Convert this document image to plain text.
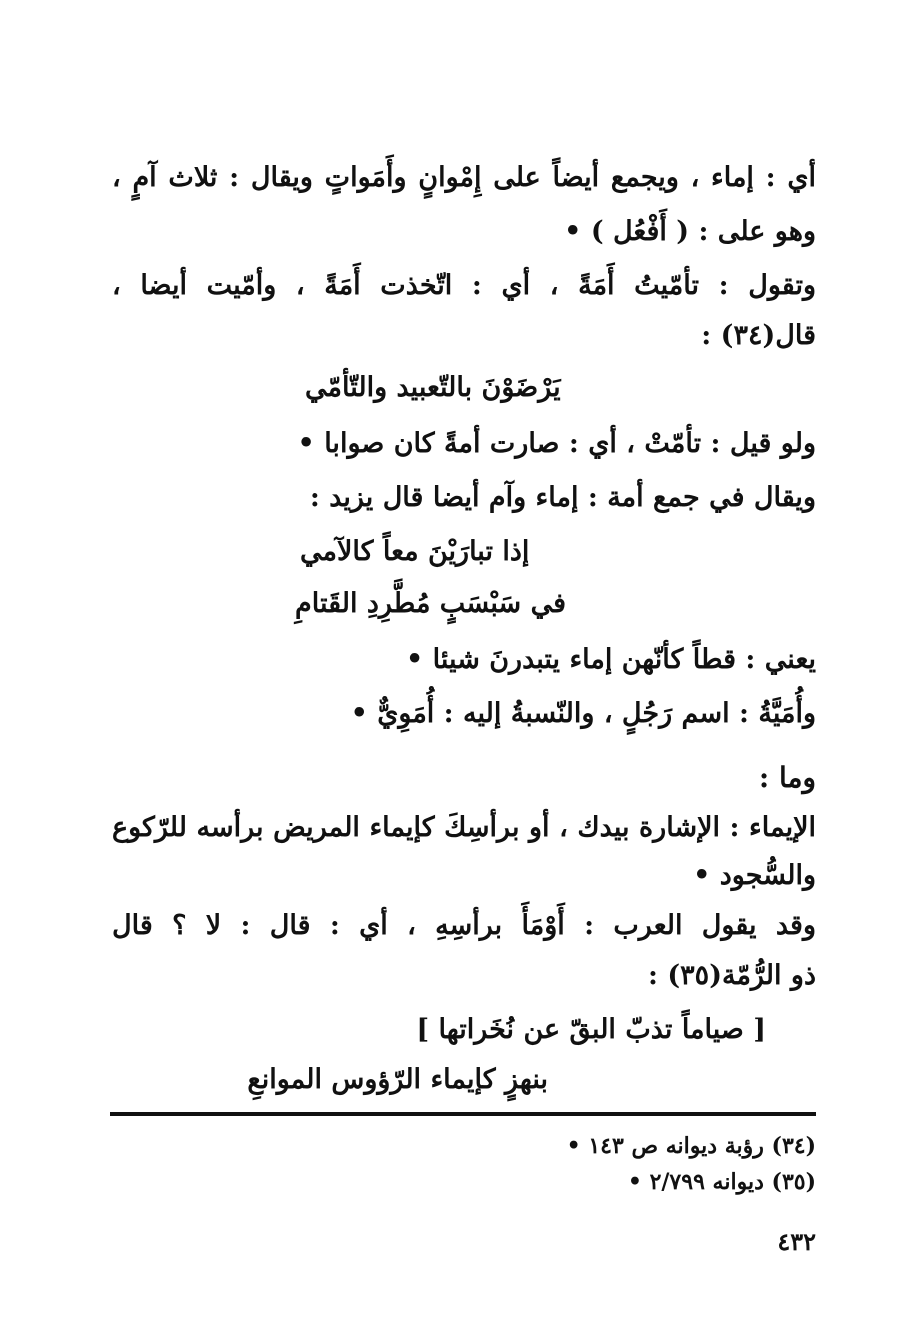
أي : إماء ، ويجمع أيضاً على إِمْوانٍ وأَمَواتٍ ويقال : ثلاث آمٍ ،
وهو على : ( أَفْعُل ) •
وتقول : تأمّيتُ أَمَةً ، أي : اتّخذت أَمَةً ، وأمّيت أيضا ،
قال(٣٤) :
يَرْضَوْنَ بالتّعبيد والتّأمّي
ولو قيل : تأمّتْ ، أي : صارت أمةً كان صوابا •
ويقال في جمع أمة : إماء وآم أيضا قال يزيد :
إذا تبارَيْنَ معاً كالآمي
في سَبْسَبٍ مُطَّرِدِ القَتامِ
يعني : قطاً كأنّهن إماء يتبدرنَ شيئا •
وأُمَيَّةُ : اسم رَجُلٍ ، والنّسبةُ إليه : أُمَوِيٌّ •
وما :
الإيماء : الإشارة بيدك ، أو برأسِكَ كإيماء المريض برأسه للرّكوع
والسُّجود •
وقد يقول العرب : أَوْمَأَ برأسِهِ ، أي : قال : لا ؟ قال
ذو الرُّمّة(٣٥) :
[ صياماً تذبّ البقّ عن نُخَراتها ]
بنهزٍ كإيماء الرّؤوس الموانعِ
(٣٤) رؤبة ديوانه ص ١٤٣ •
(٣٥) ديوانه ٢/٧٩٩ •
٤٣٢
